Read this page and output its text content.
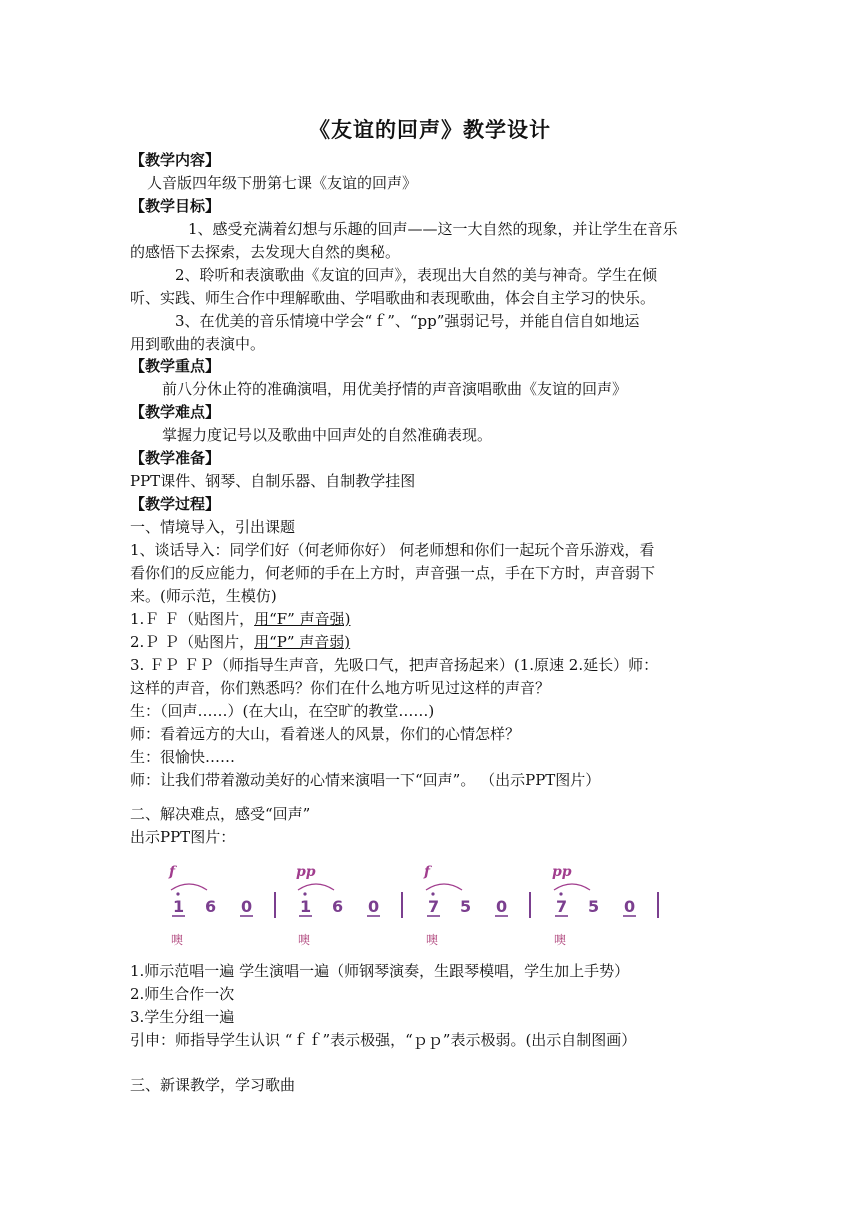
《友谊的回声》教学设计
【教学内容】
人音版四年级下册第七课《友谊的回声》
【教学目标】
1、感受充满着幻想与乐趣的回声——这一大自然的现象，并让学生在音乐
的感悟下去探索，去发现大自然的奥秘。
2、聆听和表演歌曲《友谊的回声》，表现出大自然的美与神奇。学生在倾
听、实践、师生合作中理解歌曲、学唱歌曲和表现歌曲，体会自主学习的快乐。
3、在优美的音乐情境中学会“ｆ”、“pp”强弱记号，并能自信自如地运
用到歌曲的表演中。
【教学重点】
前八分休止符的准确演唱，用优美抒情的声音演唱歌曲《友谊的回声》
【教学难点】
掌握力度记号以及歌曲中回声处的自然准确表现。
【教学准备】
PPT课件、钢琴、自制乐器、自制教学挂图
【教学过程】
一、情境导入，引出课题
1、谈话导入：同学们好（何老师你好） 何老师想和你们一起玩个音乐游戏，看
看你们的反应能力，何老师的手在上方时，声音强一点，手在下方时，声音弱下
来。(师示范，生模仿)
1.Ｆ Ｆ（贴图片，用“F” 声音强)
2.Ｐ Ｐ（贴图片，用“P” 声音弱)
3. ＦＰ ＦＰ（师指导生声音，先吸口气，把声音扬起来）(1.原速 2.延长）师：
这样的声音，你们熟悉吗？你们在什么地方听见过这样的声音？
生：（回声……）(在大山，在空旷的教堂……)
师：看着远方的大山，看着迷人的风景，你们的心情怎样？
生：很愉快……
师：让我们带着激动美好的心情来演唱一下“回声”。 （出示PPT图片）
二、解决难点，感受“回声”
出示PPT图片：
f
1 6 0
噢
pp
1 6 0
噢
f
7 5 0
噢
pp
7 5 0
噢
1.师示范唱一遍 学生演唱一遍（师钢琴演奏，生跟琴模唱，学生加上手势）
2.师生合作一次
3.学生分组一遍
引申：师指导学生认识 “ｆｆ”表示极强，“ｐｐ”表示极弱。(出示自制图画）
三、新课教学，学习歌曲
